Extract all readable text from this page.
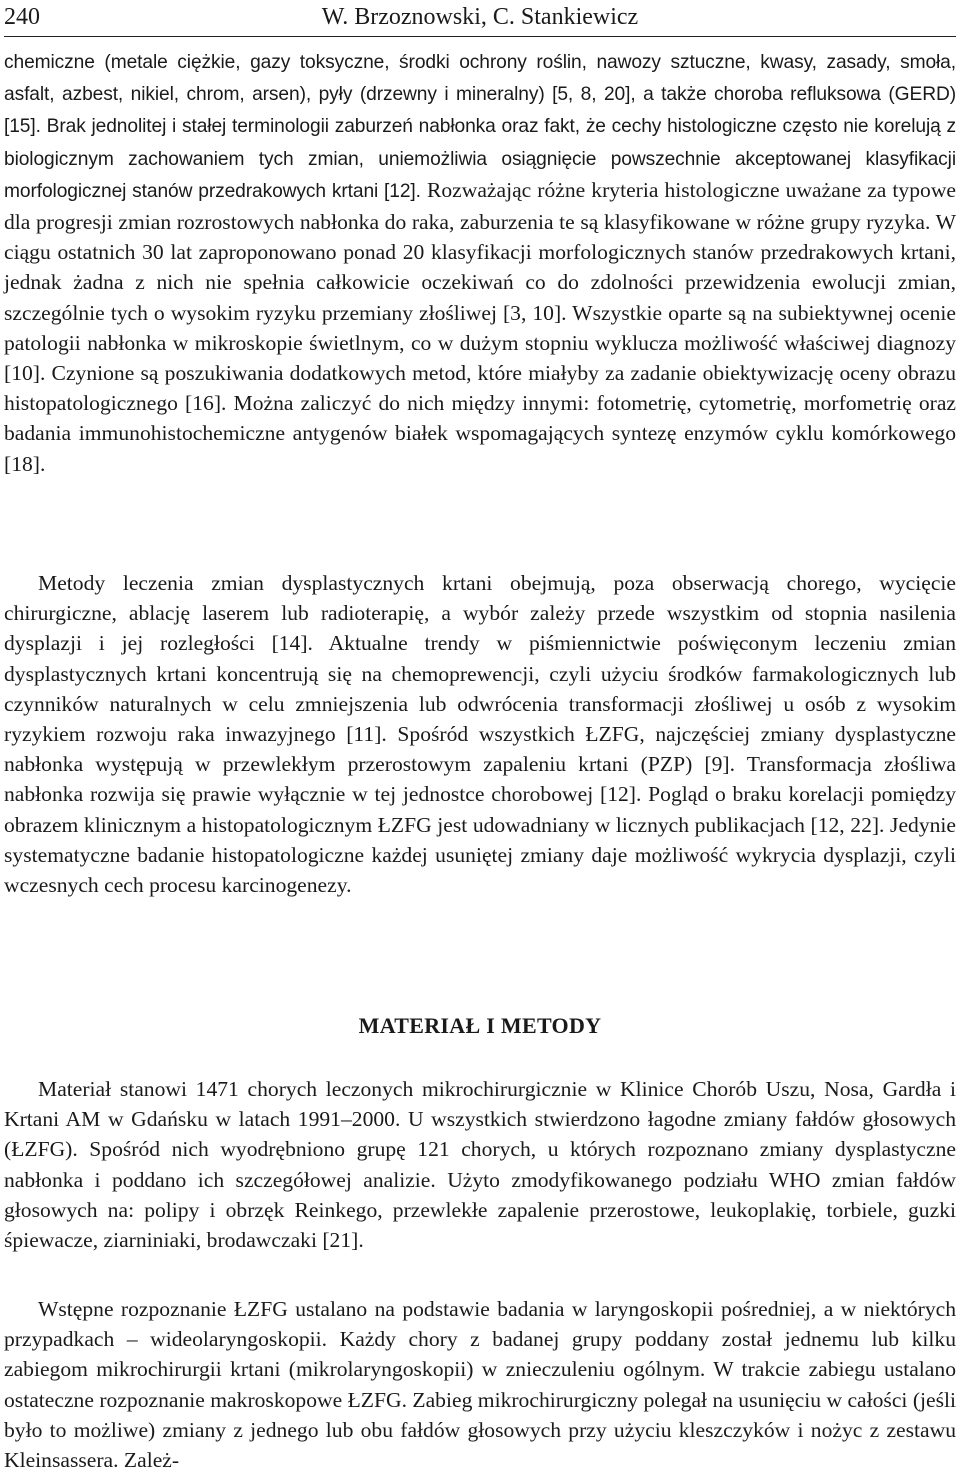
240	W. Brzoznowski, C. Stankiewicz

chemiczne (metale ciężkie, gazy toksyczne, środki ochrony roślin, nawozy sztuczne, kwasy, zasady, smoła, asfalt, azbest, nikiel, chrom, arsen), pyły (drzewny i mineralny) [5, 8, 20], a także choroba refluksowa (GERD) [15]. Brak jednolitej i stałej terminologii zaburzeń nabłonka oraz fakt, że cechy histologiczne często nie korelują z biologicznym zachowaniem tych zmian, uniemożliwia osiągnięcie powszechnie akceptowanej klasyfikacji morfologicznej stanów przedrakowych krtani [12]. Rozważając różne kryteria histologiczne uważane za typowe dla progresji zmian rozrostowych nabłonka do raka, zaburzenia te są klasyfikowane w różne grupy ryzyka. W ciągu ostatnich 30 lat zaproponowano ponad 20 klasyfikacji morfologicznych stanów przedrakowych krtani, jednak żadna z nich nie spełnia całkowicie oczekiwań co do zdolności przewidzenia ewolucji zmian, szczególnie tych o wysokim ryzyku przemiany złośliwej [3, 10]. Wszystkie oparte są na subiektywnej ocenie patologii nabłonka w mikroskopie świetlnym, co w dużym stopniu wyklucza możliwość właściwej diagnozy [10]. Czynione są poszukiwania dodatkowych metod, które miałyby za zadanie obiektywizację oceny obrazu histopatologicznego [16]. Można zaliczyć do nich między innymi: fotometrię, cytometrię, morfometrię oraz badania immunohistochemiczne antygenów białek wspomagających syntezę enzymów cyklu komórkowego [18].

Metody leczenia zmian dysplastycznych krtani obejmują, poza obserwacją chorego, wycięcie chirurgiczne, ablację laserem lub radioterapię, a wybór zależy przede wszystkim od stopnia nasilenia dysplazji i jej rozległości [14]. Aktualne trendy w piśmiennictwie poświęconym leczeniu zmian dysplastycznych krtani koncentrują się na chemoprewencji, czyli użyciu środków farmakologicznych lub czynników naturalnych w celu zmniejszenia lub odwrócenia transformacji złośliwej u osób z wysokim ryzykiem rozwoju raka inwazyjnego [11]. Spośród wszystkich ŁZFG, najczęściej zmiany dysplastyczne nabłonka występują w przewlekłym przerostowym zapaleniu krtani (PZP) [9]. Transformacja złośliwa nabłonka rozwija się prawie wyłącznie w tej jednostce chorobowej [12]. Pogląd o braku korelacji pomiędzy obrazem klinicznym a histopatologicznym ŁZFG jest udowadniany w licznych publikacjach [12, 22]. Jedynie systematyczne badanie histopatologiczne każdej usuniętej zmiany daje możliwość wykrycia dysplazji, czyli wczesnych cech procesu karcinogenezy.

MATERIAŁ I METODY

Materiał stanowi 1471 chorych leczonych mikrochirurgicznie w Klinice Chorób Uszu, Nosa, Gardła i Krtani AM w Gdańsku w latach 1991–2000. U wszystkich stwierdzono łagodne zmiany fałdów głosowych (ŁZFG). Spośród nich wyodrębniono grupę 121 chorych, u których rozpoznano zmiany dysplastyczne nabłonka i poddano ich szczegółowej analizie. Użyto zmodyfikowanego podziału WHO zmian fałdów głosowych na: polipy i obrzęk Reinkego, przewlekłe zapalenie przerostowe, leukoplakię, torbiele, guzki śpiewacze, ziarniniaki, brodawczaki [21].

Wstępne rozpoznanie ŁZFG ustalano na podstawie badania w laryngoskopii pośredniej, a w niektórych przypadkach – wideolaryngoskopii. Każdy chory z badanej grupy poddany został jednemu lub kilku zabiegom mikrochirurgii krtani (mikrolaryngoskopii) w znieczuleniu ogólnym. W trakcie zabiegu ustalano ostateczne rozpoznanie makroskopowe ŁZFG. Zabieg mikrochirurgiczny polegał na usunięciu w całości (jeśli było to możliwe) zmiany z jednego lub obu fałdów głosowych przy użyciu kleszczyków i nożyc z zestawu Kleinsassera. Zależ-
